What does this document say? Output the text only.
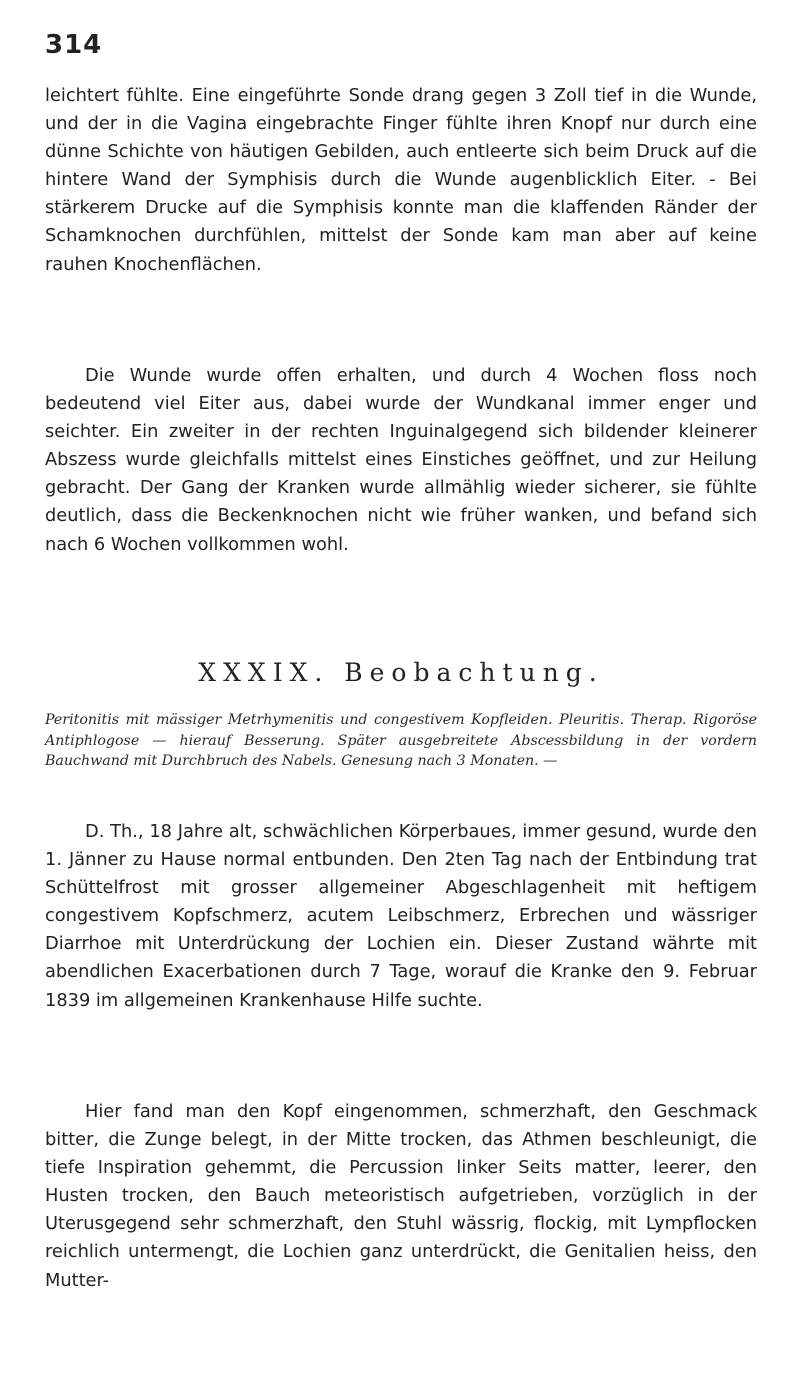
314

leichtert fühlte. Eine eingeführte Sonde drang gegen 3 Zoll tief in die Wunde, und der in die Vagina eingebrachte Finger fühlte ihren Knopf nur durch eine dünne Schichte von häutigen Gebilden, auch entleerte sich beim Druck auf die hintere Wand der Symphisis durch die Wunde augenblicklich Eiter. - Bei stärkerem Drucke auf die Symphisis konnte man die klaffenden Ränder der Schamknochen durchfühlen, mittelst der Sonde kam man aber auf keine rauhen Knochenflächen.

Die Wunde wurde offen erhalten, und durch 4 Wochen floss noch bedeutend viel Eiter aus, dabei wurde der Wundkanal immer enger und seichter. Ein zweiter in der rechten Inguinalgegend sich bildender kleinerer Abszess wurde gleichfalls mittelst eines Einstiches geöffnet, und zur Heilung gebracht. Der Gang der Kranken wurde allmählig wieder sicherer, sie fühlte deutlich, dass die Beckenknochen nicht wie früher wanken, und befand sich nach 6 Wochen vollkommen wohl.

XXXIX. Beobachtung.

Peritonitis mit mässiger Metrhymenitis und congestivem Kopfleiden. Pleuritis. Therap. Rigoröse Antiphlogose — hierauf Besserung. Später ausgebreitete Abscessbildung in der vordern Bauchwand mit Durchbruch des Nabels. Genesung nach 3 Monaten. —

D. Th., 18 Jahre alt, schwächlichen Körperbaues, immer gesund, wurde den 1. Jänner zu Hause normal entbunden. Den 2ten Tag nach der Entbindung trat Schüttelfrost mit grosser allgemeiner Abgeschlagenheit mit heftigem congestivem Kopfschmerz, acutem Leibschmerz, Erbrechen und wässriger Diarrhoe mit Unterdrückung der Lochien ein. Dieser Zustand währte mit abendlichen Exacerbationen durch 7 Tage, worauf die Kranke den 9. Februar 1839 im allgemeinen Krankenhause Hilfe suchte.

Hier fand man den Kopf eingenommen, schmerzhaft, den Geschmack bitter, die Zunge belegt, in der Mitte trocken, das Athmen beschleunigt, die tiefe Inspiration gehemmt, die Percussion linker Seits matter, leerer, den Husten trocken, den Bauch meteoristisch aufgetrieben, vorzüglich in der Uterusgegend sehr schmerzhaft, den Stuhl wässrig, flockig, mit Lympflocken reichlich untermengt, die Lochien ganz unterdrückt, die Genitalien heiss, den Mutter-
